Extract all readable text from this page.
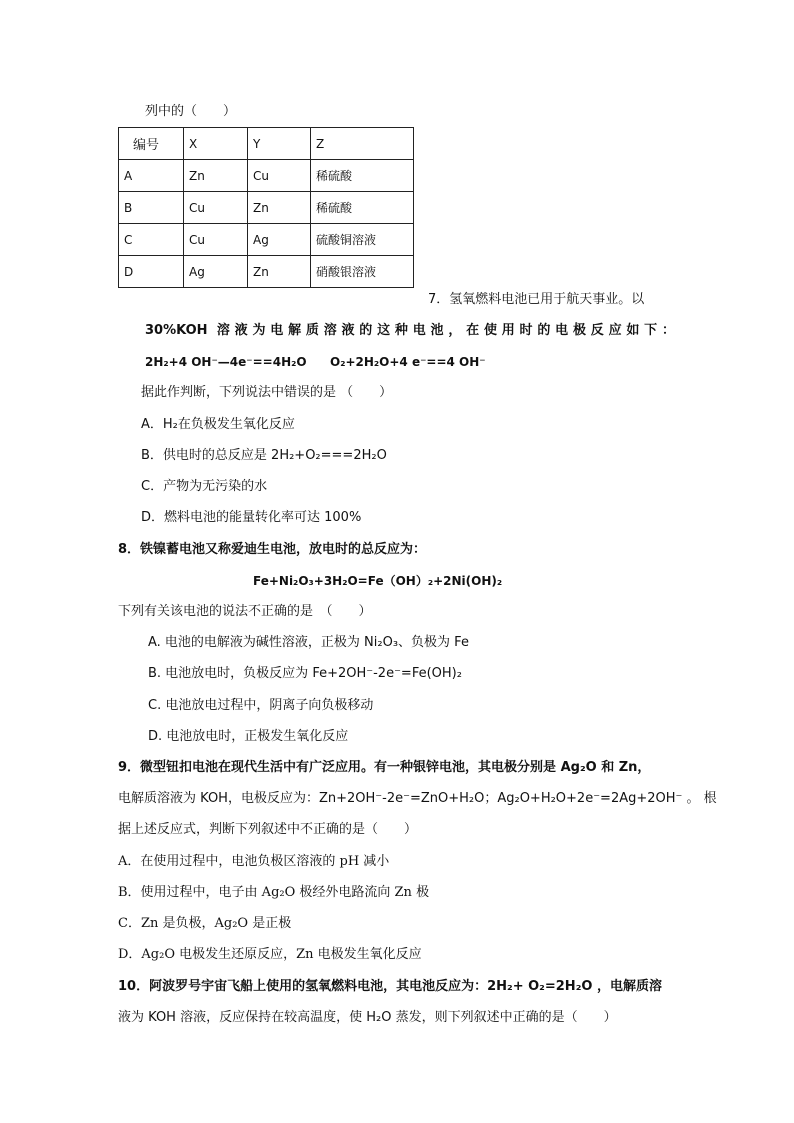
列中的（　　）
编号	X	Y	Z
A	Zn	Cu	稀硫酸
B	Cu	Zn	稀硫酸
C	Cu	Ag	硫酸铜溶液
D	Ag	Zn	硝酸银溶液
7．氢氧燃料电池已用于航天事业。以
30%KOH 溶液为电解质溶液的这种电池，在使用时的电极反应如下：
2H₂+4 OH⁻—4e⁻==4H₂O O₂+2H₂O+4 e⁻==4 OH⁻
据此作判断，下列说法中错误的是 （　　）
A．H₂在负极发生氧化反应
B．供电时的总反应是 2H₂+O₂===2H₂O
C．产物为无污染的水
D．燃料电池的能量转化率可达 100%
8．铁镍蓄电池又称爱迪生电池，放电时的总反应为：
Fe+Ni₂O₃+3H₂O=Fe（OH）₂+2Ni(OH)₂
下列有关该电池的说法不正确的是　（　　）
A. 电池的电解液为碱性溶液，正极为 Ni₂O₃、负极为 Fe
B. 电池放电时，负极反应为 Fe+2OH⁻-2e⁻=Fe(OH)₂
C. 电池放电过程中，阴离子向负极移动
D. 电池放电时，正极发生氧化反应
9．微型钮扣电池在现代生活中有广泛应用。有一种银锌电池，其电极分别是 Ag₂O 和 Zn，
电解质溶液为 KOH，电极反应为：Zn+2OH⁻-2e⁻=ZnO+H₂O；Ag₂O+H₂O+2e⁻=2Ag+2OH⁻ 。 根
据上述反应式，判断下列叙述中不正确的是（　　）
A．在使用过程中，电池负极区溶液的 pH 减小
B．使用过程中，电子由 Ag₂O 极经外电路流向 Zn 极
C．Zn 是负极，Ag₂O 是正极
D．Ag₂O 电极发生还原反应，Zn 电极发生氧化反应
10．阿波罗号宇宙飞船上使用的氢氧燃料电池，其电池反应为：2H₂+ O₂=2H₂O ，电解质溶
液为 KOH 溶液，反应保持在较高温度，使 H₂O 蒸发，则下列叙述中正确的是（　　）
